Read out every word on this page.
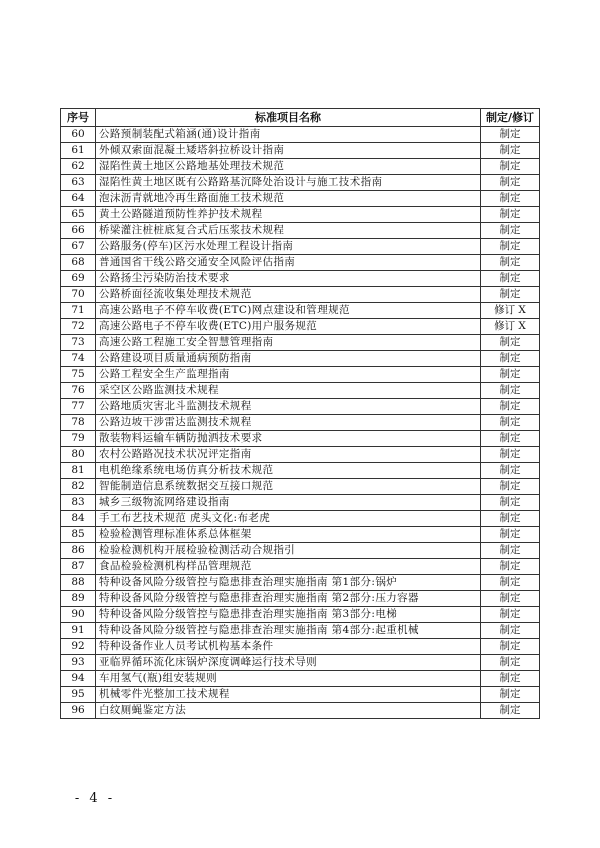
序号	标准项目名称	制定/修订
60	公路预制装配式箱涵(通)设计指南	制定
61	外倾双索面混凝土矮塔斜拉桥设计指南	制定
62	湿陷性黄土地区公路地基处理技术规范	制定
63	湿陷性黄土地区既有公路路基沉降处治设计与施工技术指南	制定
64	泡沫沥青就地冷再生路面施工技术规范	制定
65	黄土公路隧道预防性养护技术规程	制定
66	桥梁灌注桩桩底复合式后压浆技术规程	制定
67	公路服务(停车)区污水处理工程设计指南	制定
68	普通国省干线公路交通安全风险评估指南	制定
69	公路扬尘污染防治技术要求	制定
70	公路桥面径流收集处理技术规范	制定
71	高速公路电子不停车收费(ETC)网点建设和管理规范	修订 X
72	高速公路电子不停车收费(ETC)用户服务规范	修订 X
73	高速公路工程施工安全智慧管理指南	制定
74	公路建设项目质量通病预防指南	制定
75	公路工程安全生产监理指南	制定
76	采空区公路监测技术规程	制定
77	公路地质灾害北斗监测技术规程	制定
78	公路边坡干涉雷达监测技术规程	制定
79	散装物料运输车辆防抛洒技术要求	制定
80	农村公路路况技术状况评定指南	制定
81	电机绝缘系统电场仿真分析技术规范	制定
82	智能制造信息系统数据交互接口规范	制定
83	城乡三级物流网络建设指南	制定
84	手工布艺技术规范 虎头文化:布老虎	制定
85	检验检测管理标准体系总体框架	制定
86	检验检测机构开展检验检测活动合规指引	制定
87	食品检验检测机构样品管理规范	制定
88	特种设备风险分级管控与隐患排查治理实施指南 第1部分:锅炉	制定
89	特种设备风险分级管控与隐患排查治理实施指南 第2部分:压力容器	制定
90	特种设备风险分级管控与隐患排查治理实施指南 第3部分:电梯	制定
91	特种设备风险分级管控与隐患排查治理实施指南 第4部分:起重机械	制定
92	特种设备作业人员考试机构基本条件	制定
93	亚临界循环流化床锅炉深度调峰运行技术导则	制定
94	车用氢气(瓶)组安装规则	制定
95	机械零件光整加工技术规程	制定
96	白纹厕蝇鉴定方法	制定
- 4 -
